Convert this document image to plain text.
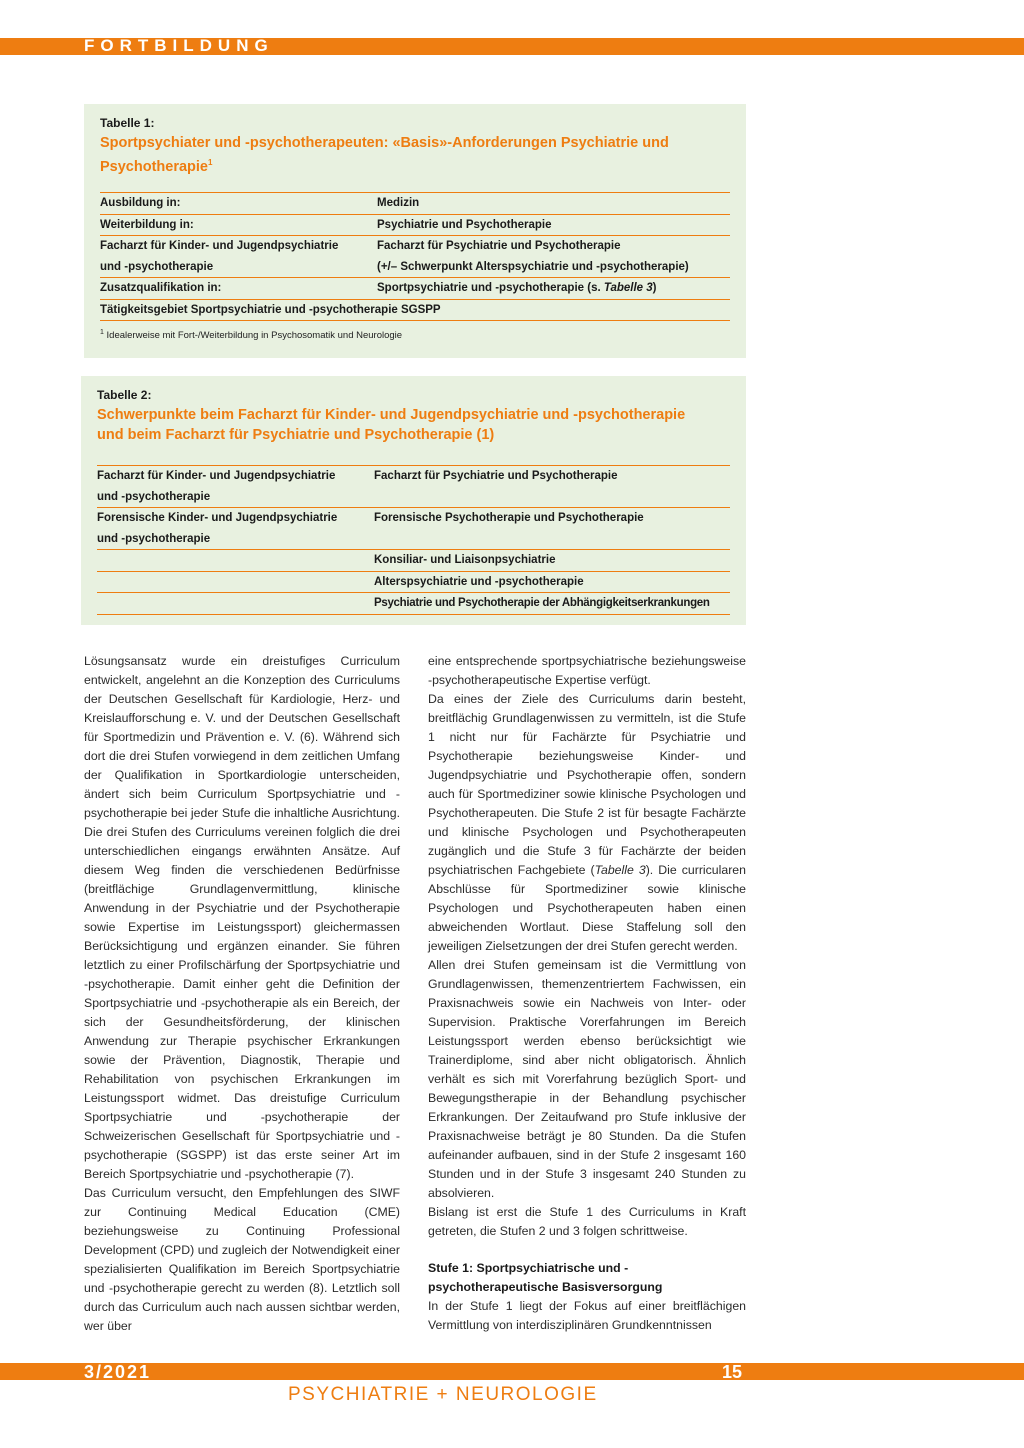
FORTBILDUNG
Tabelle 1:
Sportpsychiater und -psychotherapeuten: «Basis»-Anforderungen Psychiatrie und
Psychotherapie$^1$
Ausbildung in:	Medizin
Weiterbildung in:	Psychiatrie und Psychotherapie
Facharzt für Kinder- und Jugendpsychiatrie	Facharzt für Psychiatrie und Psychotherapie
und -psychotherapie	(+/– Schwerpunkt Alterspsychiatrie und -psychotherapie)
Zusatzqualifikation in:	Sportpsychiatrie und -psychotherapie (s. Tabelle 3)
Tätigkeitsgebiet Sportpsychiatrie und -psychotherapie SGSPP	
$^1$ Idealerweise mit Fort-/Weiterbildung in Psychosomatik und Neurologie
Tabelle 2:
Schwerpunkte beim Facharzt für Kinder- und Jugendpsychiatrie und -psychotherapie
und beim Facharzt für Psychiatrie und Psychotherapie (1)
Facharzt für Kinder- und Jugendpsychiatrie
und -psychotherapie	Facharzt für Psychiatrie und Psychotherapie
Forensische Kinder- und Jugendpsychiatrie
und -psychotherapie	Forensische Psychotherapie und Psychotherapie
	Konsiliar- und Liaisonpsychiatrie
	Alterspsychiatrie und -psychotherapie
	Psychiatrie und Psychotherapie der Abhängigkeitserkrankungen

Lösungsansatz wurde ein dreistufiges Curriculum entwickelt, angelehnt an die Konzeption des Curriculums der Deutschen Gesellschaft für Kardiologie, Herz- und Kreislaufforschung e. V. und der Deutschen Gesellschaft für Sportmedizin und Prävention e. V. (6). Während sich dort die drei Stufen vorwiegend in dem zeitlichen Umfang der Qualifikation in Sportkardiologie unterscheiden, ändert sich beim Curriculum Sportpsychiatrie und -psychotherapie bei jeder Stufe die inhaltliche Ausrichtung. Die drei Stufen des Curriculums vereinen folglich die drei unterschiedlichen eingangs erwähnten Ansätze. Auf diesem Weg finden die verschiedenen Bedürfnisse (breitflächige Grundlagenvermittlung, klinische Anwendung in der Psychiatrie und der Psychotherapie sowie Expertise im Leistungssport) gleichermassen Berücksichtigung und ergänzen einander. Sie führen letztlich zu einer Profilschärfung der Sportpsychiatrie und -psychotherapie. Damit einher geht die Definition der Sportpsychiatrie und -psychotherapie als ein Bereich, der sich der Gesundheitsförderung, der klinischen Anwendung zur Therapie psychischer Erkrankungen sowie der Prävention, Diagnostik, Therapie und Rehabilitation von psychischen Erkrankungen im Leistungssport widmet. Das dreistufige Curriculum Sportpsychiatrie und -psychotherapie der Schweizerischen Gesellschaft für Sportpsychiatrie und -psychotherapie (SGSPP) ist das erste seiner Art im Bereich Sportpsychiatrie und -psychotherapie (7).

Das Curriculum versucht, den Empfehlungen des SIWF zur Continuing Medical Education (CME) beziehungsweise zu Continuing Professional Development (CPD) und zugleich der Notwendigkeit einer spezialisierten Qualifikation im Bereich Sportpsychiatrie und -psychotherapie gerecht zu werden (8). Letztlich soll durch das Curriculum auch nach aussen sichtbar werden, wer über

eine entsprechende sportpsychiatrische beziehungsweise -psychotherapeutische Expertise verfügt.

Da eines der Ziele des Curriculums darin besteht, breitflächig Grundlagenwissen zu vermitteln, ist die Stufe 1 nicht nur für Fachärzte für Psychiatrie und Psychotherapie beziehungsweise Kinder- und Jugendpsychiatrie und Psychotherapie offen, sondern auch für Sportmediziner sowie klinische Psychologen und Psychotherapeuten. Die Stufe 2 ist für besagte Fachärzte und klinische Psychologen und Psychotherapeuten zugänglich und die Stufe 3 für Fachärzte der beiden psychiatrischen Fachgebiete (Tabelle 3). Die curricularen Abschlüsse für Sportmediziner sowie klinische Psychologen und Psychotherapeuten haben einen abweichenden Wortlaut. Diese Staffelung soll den jeweiligen Zielsetzungen der drei Stufen gerecht werden.

Allen drei Stufen gemeinsam ist die Vermittlung von Grundlagenwissen, themenzentriertem Fachwissen, ein Praxisnachweis sowie ein Nachweis von Inter- oder Supervision. Praktische Vorerfahrungen im Bereich Leistungssport werden ebenso berücksichtigt wie Trainerdiplome, sind aber nicht obligatorisch. Ähnlich verhält es sich mit Vorerfahrung bezüglich Sport- und Bewegungstherapie in der Behandlung psychischer Erkrankungen. Der Zeitaufwand pro Stufe inklusive der Praxisnachweise beträgt je 80 Stunden. Da die Stufen aufeinander aufbauen, sind in der Stufe 2 insgesamt 160 Stunden und in der Stufe 3 insgesamt 240 Stunden zu absolvieren.

Bislang ist erst die Stufe 1 des Curriculums in Kraft getreten, die Stufen 2 und 3 folgen schrittweise.

Stufe 1: Sportpsychiatrische und -psychotherapeutische Basisversorgung

In der Stufe 1 liegt der Fokus auf einer breitflächigen Vermittlung von interdisziplinären Grundkenntnissen

3/2021	15
PSYCHIATRIE + NEUROLOGIE
